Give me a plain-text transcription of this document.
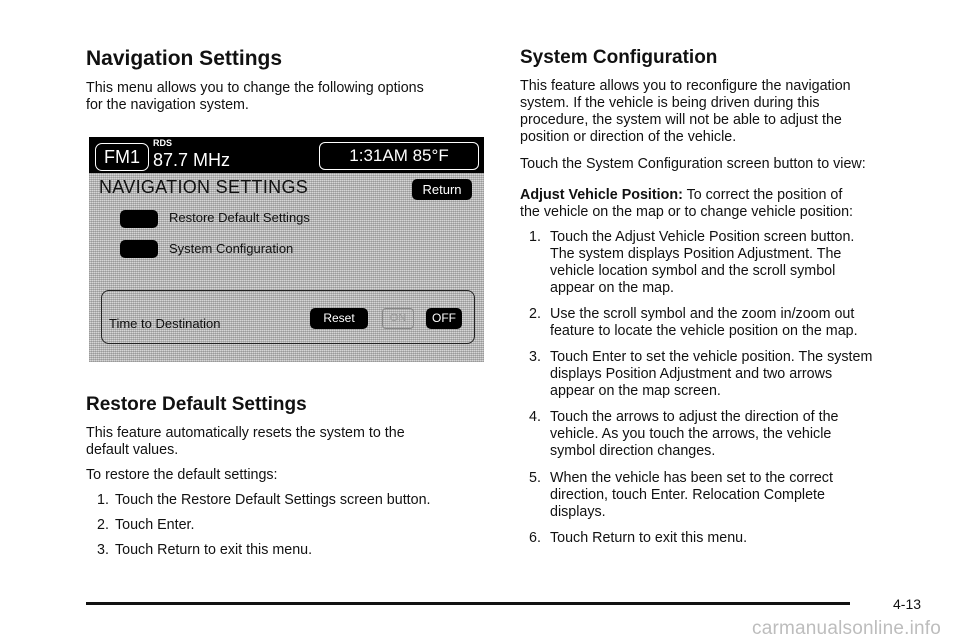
Navigation Settings

This menu allows you to change the following options

for the navigation system.

FM1
RDS
87.7 MHz	1:31AM 85°F
NAVIGATION SETTINGS	Return
Restore Default Settings
System Configuration
Time to Destination	Reset	ON	OFF
Restore Default Settings

This feature automatically resets the system to the

default values.

To restore the default settings:

1. Touch the Restore Default Settings screen button.
2. Touch Enter.
3. Touch Return to exit this menu.
System Configuration

This feature allows you to reconfigure the navigation

system. If the vehicle is being driven during this

procedure, the system will not be able to adjust the

position or direction of the vehicle.

Touch the System Configuration screen button to view:

Adjust Vehicle Position: To correct the position of

the vehicle on the map or to change vehicle position:

1. Touch the Adjust Vehicle Position screen button.
The system displays Position Adjustment. The
vehicle location symbol and the scroll symbol
appear on the map.
2. Use the scroll symbol and the zoom in/zoom out
feature to locate the vehicle position on the map.
3. Touch Enter to set the vehicle position. The system
displays Position Adjustment and two arrows
appear on the map screen.
4. Touch the arrows to adjust the direction of the
vehicle. As you touch the arrows, the vehicle
symbol direction changes.
5. When the vehicle has been set to the correct
direction, touch Enter. Relocation Complete
displays.
6. Touch Return to exit this menu.
4-13
carmanualsonline.info
